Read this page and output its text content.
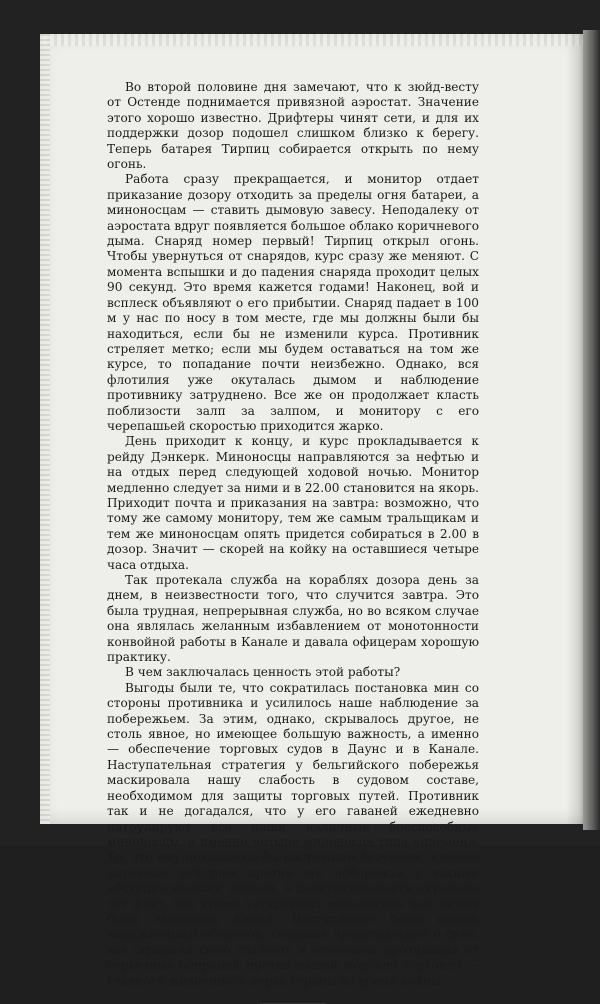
Во второй половине дня замечают, что к зюйд-весту от Остенде поднимается привязной аэростат. Значение этого хорошо известно. Дрифтеры чинят сети, и для их поддержки дозор подошел слишком близко к берегу. Теперь батарея Тирпиц собирается открыть по нему огонь.

Работа сразу прекращается, и монитор отдает приказание дозору отходить за пределы огня батареи, а миноносцам — ставить дымовую завесу. Неподалеку от аэростата вдруг появляется большое облако коричневого дыма. Снаряд номер первый! Тирпиц открыл огонь. Чтобы увернуться от снарядов, курс сразу же меняют. С момента вспышки и до падения снаряда проходит целых 90 секунд. Это время кажется годами! Наконец, вой и всплеск объявляют о его прибытии. Снаряд падает в 100 м у нас по носу в том месте, где мы должны были бы находиться, если бы не изменили курса. Противник стреляет метко; если мы будем оставаться на том же курсе, то попадание почти неизбежно. Однако, вся флотилия уже окуталась дымом и наблюдение противнику затруднено. Все же он продолжает класть поблизости залп за залпом, и монитору с его черепашьей скоростью приходится жарко.

День приходит к концу, и курс прокладывается к рейду Дэнкерк. Миноносцы направляются за нефтью и на отдых перед следующей ходовой ночью. Монитор медленно следует за ними и в 22.00 становится на якорь. Приходит почта и приказания на завтра: возможно, что тому же самому монитору, тем же самым тральщикам и тем же миноносцам опять придется собираться в 2.00 в дозор. Значит — скорей на койку на оставшиеся четыре часа отдыха.

Так протекала служба на кораблях дозора день за днем, в неизвестности того, что случится завтра. Это была трудная, непрерывная служба, но во всяком случае она являлась желанным избавлением от монотонности конвойной работы в Канале и давала офицерам хорошую практику.

В чем заключалась ценность этой работы?

Выгоды были те, что сократилась постановка мин со стороны противника и усилилось наше наблюдение за побережьем. За этим, однако, скрывалось другое, не столь явное, но имеющее большую важность, а именно — обеспечение торговых судов в Даунс и в Канале. Наступательная стратегия у бельгийского побережья маскировала нашу слабость в судовом составе, необходимом для защиты торговых путей. Противник так и не догадался, что у его гаваней ежедневно патрулируют все наши наличные боеспособные миноносцы, а именно четыре миноносца типа «племен». То, что ему показалось бы настоящим безумием, именно активные действия против его побережья с такими абсурдно малыми силами, в действительности скрывало тот факт, что кроме устаревших миноносцев нам нечем было защищать Канал. Наступление было нашей надежнейшей обороной; создавая представление о силе, мы скрывали свою слабость и отвлекали противника от серьезных операций против нашей морской торговли — главного жизненного нерва страны во время войны.
